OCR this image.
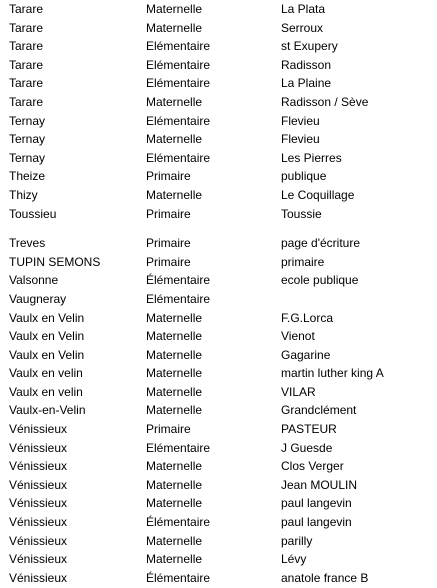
Tarare	Maternelle	La Plata
Tarare	Maternelle	Serroux
Tarare	Elémentaire	st Exupery
Tarare	Elémentaire	Radisson
Tarare	Elémentaire	La Plaine
Tarare	Maternelle	Radisson / Sève
Ternay	Elémentaire	Flevieu
Ternay	Maternelle	Flevieu
Ternay	Elémentaire	Les Pierres
Theize	Primaire	publique
Thizy	Maternelle	Le Coquillage
Toussieu	Primaire	Toussie
Treves	Primaire	page d'écriture
TUPIN SEMONS	Primaire	primaire
Valsonne	Élémentaire	ecole publique
Vaugneray	Elémentaire
Vaulx en Velin	Maternelle	F.G.Lorca
Vaulx en Velin	Maternelle	Vienot
Vaulx en Velin	Maternelle	Gagarine
Vaulx en velin	Maternelle	martin luther king A
Vaulx en velin	Maternelle	VILAR
Vaulx-en-Velin	Maternelle	Grandclément
Vénissieux	Primaire	PASTEUR
Vénissieux	Elémentaire	J Guesde
Vénissieux	Maternelle	Clos Verger
Vénissieux	Maternelle	Jean MOULIN
Vénissieux	Maternelle	paul langevin
Vénissieux	Élémentaire	paul langevin
Vénissieux	Maternelle	parilly
Vénissieux	Maternelle	Lévy
Vénissieux	Élémentaire	anatole france B
